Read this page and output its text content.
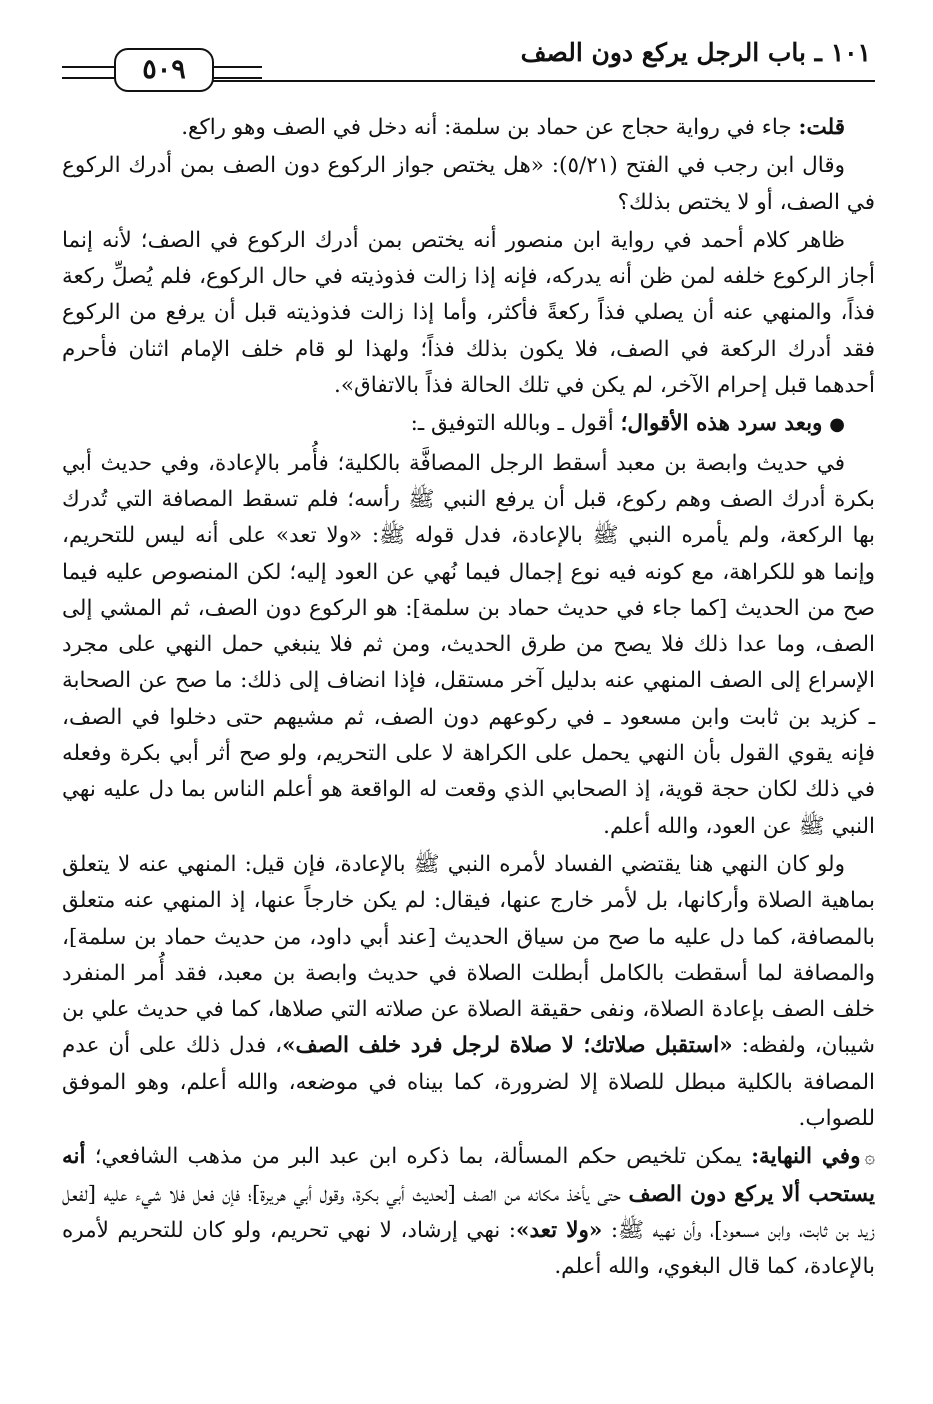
١٠١ ـ باب الرجل يركع دون الصف
٥٠٩

قلت: جاء في رواية حجاج عن حماد بن سلمة: أنه دخل في الصف وهو راكع.

وقال ابن رجب في الفتح (٥/٢١): «هل يختص جواز الركوع دون الصف بمن أدرك الركوع في الصف، أو لا يختص بذلك؟

ظاهر كلام أحمد في رواية ابن منصور أنه يختص بمن أدرك الركوع في الصف؛ لأنه إنما أجاز الركوع خلفه لمن ظن أنه يدركه، فإنه إذا زالت فذوذيته في حال الركوع، فلم يُصلِّ ركعة فذاً، والمنهي عنه أن يصلي فذاً ركعةً فأكثر، وأما إذا زالت فذوذيته قبل أن يرفع من الركوع فقد أدرك الركعة في الصف، فلا يكون بذلك فذاً؛ ولهذا لو قام خلف الإمام اثنان فأحرم أحدهما قبل إحرام الآخر، لم يكن في تلك الحالة فذاً بالاتفاق».

● وبعد سرد هذه الأقوال؛ أقول ـ وبالله التوفيق ـ:

في حديث وابصة بن معبد أسقط الرجل المصافَّة بالكلية؛ فأُمر بالإعادة، وفي حديث أبي بكرة أدرك الصف وهم ركوع، قبل أن يرفع النبي ﷺ رأسه؛ فلم تسقط المصافة التي تُدرك بها الركعة، ولم يأمره النبي ﷺ بالإعادة، فدل قوله ﷺ: «ولا تعد» على أنه ليس للتحريم، وإنما هو للكراهة، مع كونه فيه نوع إجمال فيما نُهي عن العود إليه؛ لكن المنصوص عليه فيما صح من الحديث [كما جاء في حديث حماد بن سلمة]: هو الركوع دون الصف، ثم المشي إلى الصف، وما عدا ذلك فلا يصح من طرق الحديث، ومن ثم فلا ينبغي حمل النهي على مجرد الإسراع إلى الصف المنهي عنه بدليل آخر مستقل، فإذا انضاف إلى ذلك: ما صح عن الصحابة ـ كزيد بن ثابت وابن مسعود ـ في ركوعهم دون الصف، ثم مشيهم حتى دخلوا في الصف، فإنه يقوي القول بأن النهي يحمل على الكراهة لا على التحريم، ولو صح أثر أبي بكرة وفعله في ذلك لكان حجة قوية، إذ الصحابي الذي وقعت له الواقعة هو أعلم الناس بما دل عليه نهي النبي ﷺ عن العود، والله أعلم.

ولو كان النهي هنا يقتضي الفساد لأمره النبي ﷺ بالإعادة، فإن قيل: المنهي عنه لا يتعلق بماهية الصلاة وأركانها، بل لأمر خارج عنها، فيقال: لم يكن خارجاً عنها، إذ المنهي عنه متعلق بالمصافة، كما دل عليه ما صح من سياق الحديث [عند أبي داود، من حديث حماد بن سلمة]، والمصافة لما أسقطت بالكامل أبطلت الصلاة في حديث وابصة بن معبد، فقد أُمر المنفرد خلف الصف بإعادة الصلاة، ونفى حقيقة الصلاة عن صلاته التي صلاها، كما في حديث علي بن شيبان، ولفظه: «استقبل صلاتك؛ لا صلاة لرجل فرد خلف الصف»، فدل ذلك على أن عدم المصافة بالكلية مبطل للصلاة إلا لضرورة، كما بيناه في موضعه، والله أعلم، وهو الموفق للصواب.

۞وفي النهاية: يمكن تلخيص حكم المسألة، بما ذكره ابن عبد البر من مذهب الشافعي؛ أنه يستحب ألا يركع دون الصف حتى يأخذ مكانه من الصف [لحديث أبي بكرة، وقول أبي هريرة]؛ فإن فعل فلا شيء عليه [لفعل زيد بن ثابت، وابن مسعود]، وأن نهيه ﷺ: «ولا تعد»: نهي إرشاد، لا نهي تحريم، ولو كان للتحريم لأمره بالإعادة، كما قال البغوي، والله أعلم.
